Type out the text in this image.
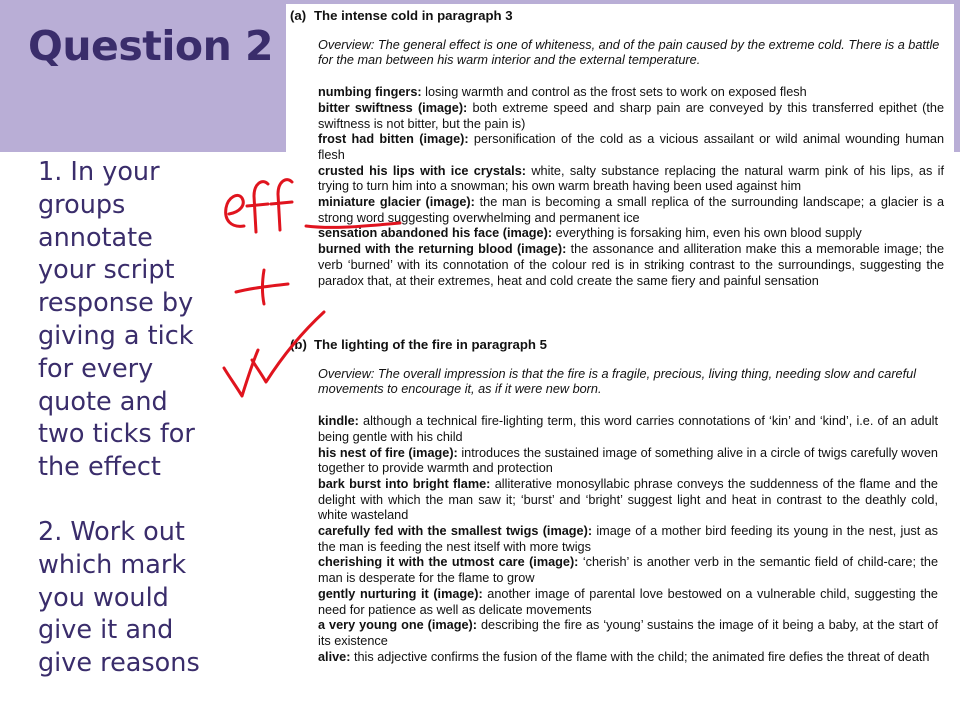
Question 2

1. In your
groups
annotate
your script
response by
giving a tick
for every
quote and
two ticks for
the effect

2. Work out
which mark
you would
give it and
give reasons

(a) The intense cold in paragraph 3
Overview: The general effect is one of whiteness, and of the pain caused by the extreme cold. There is a battle for the man between his warm interior and the external temperature.
numbing fingers: losing warmth and control as the frost sets to work on exposed flesh
bitter swiftness (image): both extreme speed and sharp pain are conveyed by this transferred epithet (the swiftness is not bitter, but the pain is)
frost had bitten (image): personification of the cold as a vicious assailant or wild animal wounding human flesh
crusted his lips with ice crystals: white, salty substance replacing the natural warm pink of his lips, as if trying to turn him into a snowman; his own warm breath having been used against him
miniature glacier (image): the man is becoming a small replica of the surrounding landscape; a glacier is a strong word suggesting overwhelming and permanent ice
sensation abandoned his face (image): everything is forsaking him, even his own blood supply
burned with the returning blood (image): the assonance and alliteration make this a memorable image; the verb ‘burned’ with its connotation of the colour red is in striking contrast to the surroundings, suggesting the paradox that, at their extremes, heat and cold create the same fiery and painful sensation
(b) The lighting of the fire in paragraph 5
Overview: The overall impression is that the fire is a fragile, precious, living thing, needing slow and careful movements to encourage it, as if it were new born.
kindle: although a technical fire-lighting term, this word carries connotations of ‘kin’ and ‘kind’, i.e. of an adult being gentle with his child
his nest of fire (image): introduces the sustained image of something alive in a circle of twigs carefully woven together to provide warmth and protection
bark burst into bright flame: alliterative monosyllabic phrase conveys the suddenness of the flame and the delight with which the man saw it; ‘burst’ and ‘bright’ suggest light and heat in contrast to the deathly cold, white wasteland
carefully fed with the smallest twigs (image): image of a mother bird feeding its young in the nest, just as the man is feeding the nest itself with more twigs
cherishing it with the utmost care (image): ‘cherish’ is another verb in the semantic field of child-care; the man is desperate for the flame to grow
gently nurturing it (image): another image of parental love bestowed on a vulnerable child, suggesting the need for patience as well as delicate movements
a very young one (image): describing the fire as ‘young’ sustains the image of it being a baby, at the start of its existence
alive: this adjective confirms the fusion of the flame with the child; the animated fire defies the threat of death
